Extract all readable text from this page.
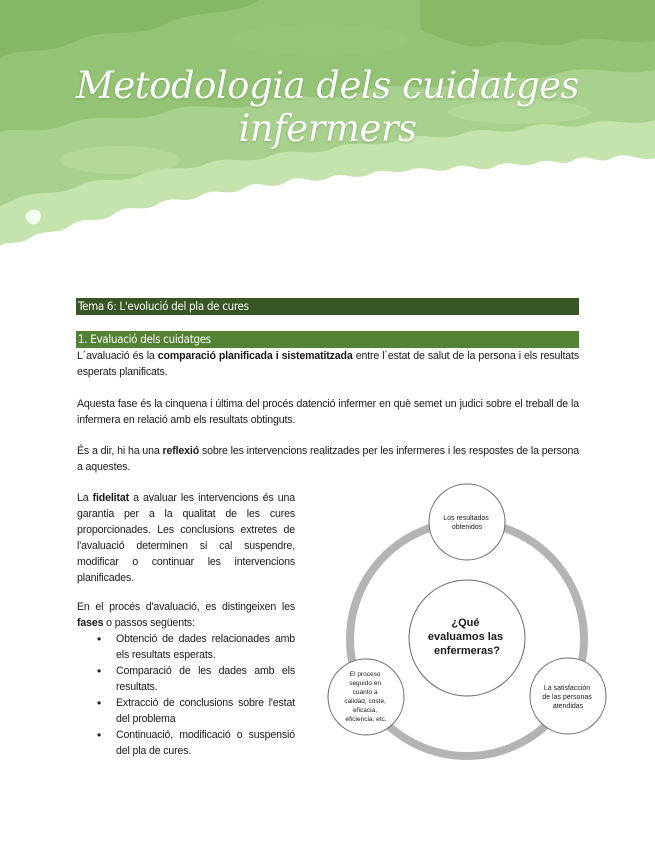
Metodologia dels cuidatges infermers
Tema 6: L'evolució del pla de cures
1. Evaluació dels cuidatges
L´avaluació és la comparació planificada i sistematitzada entre l´estat de salut de la persona i els resultats esperats planificats.
Aquesta fase és la cinquena i última del procés datenció infermer en què semet un judici sobre el treball de la infermera en relació amb els resultats obtinguts.
És a dir, hi ha una reflexió sobre les intervencions realitzades per les infermeres i les respostes de la persona a aquestes.
La fidelitat a avaluar les intervencions és una garantia per a la qualitat de les cures proporcionades. Les conclusions extretes de l'avaluació determinen si cal suspendre, modificar o continuar les intervencions planificades.
En el procés d'avaluació, es distingeixen les fases o passos següents:
• Obtenció de dades relacionades amb els resultats esperats.
• Comparació de les dades amb els resultats.
• Extracció de conclusions sobre l'estat del problema
• Continuació, modificació o suspensió del pla de cures.
¿Qué evaluamos las enfermeras?
Los resultados obtenidos
La satisfacción de las personas atendidas
El proceso seguido en cuanto a calidad, coste, eficacia, eficiencia, etc.
